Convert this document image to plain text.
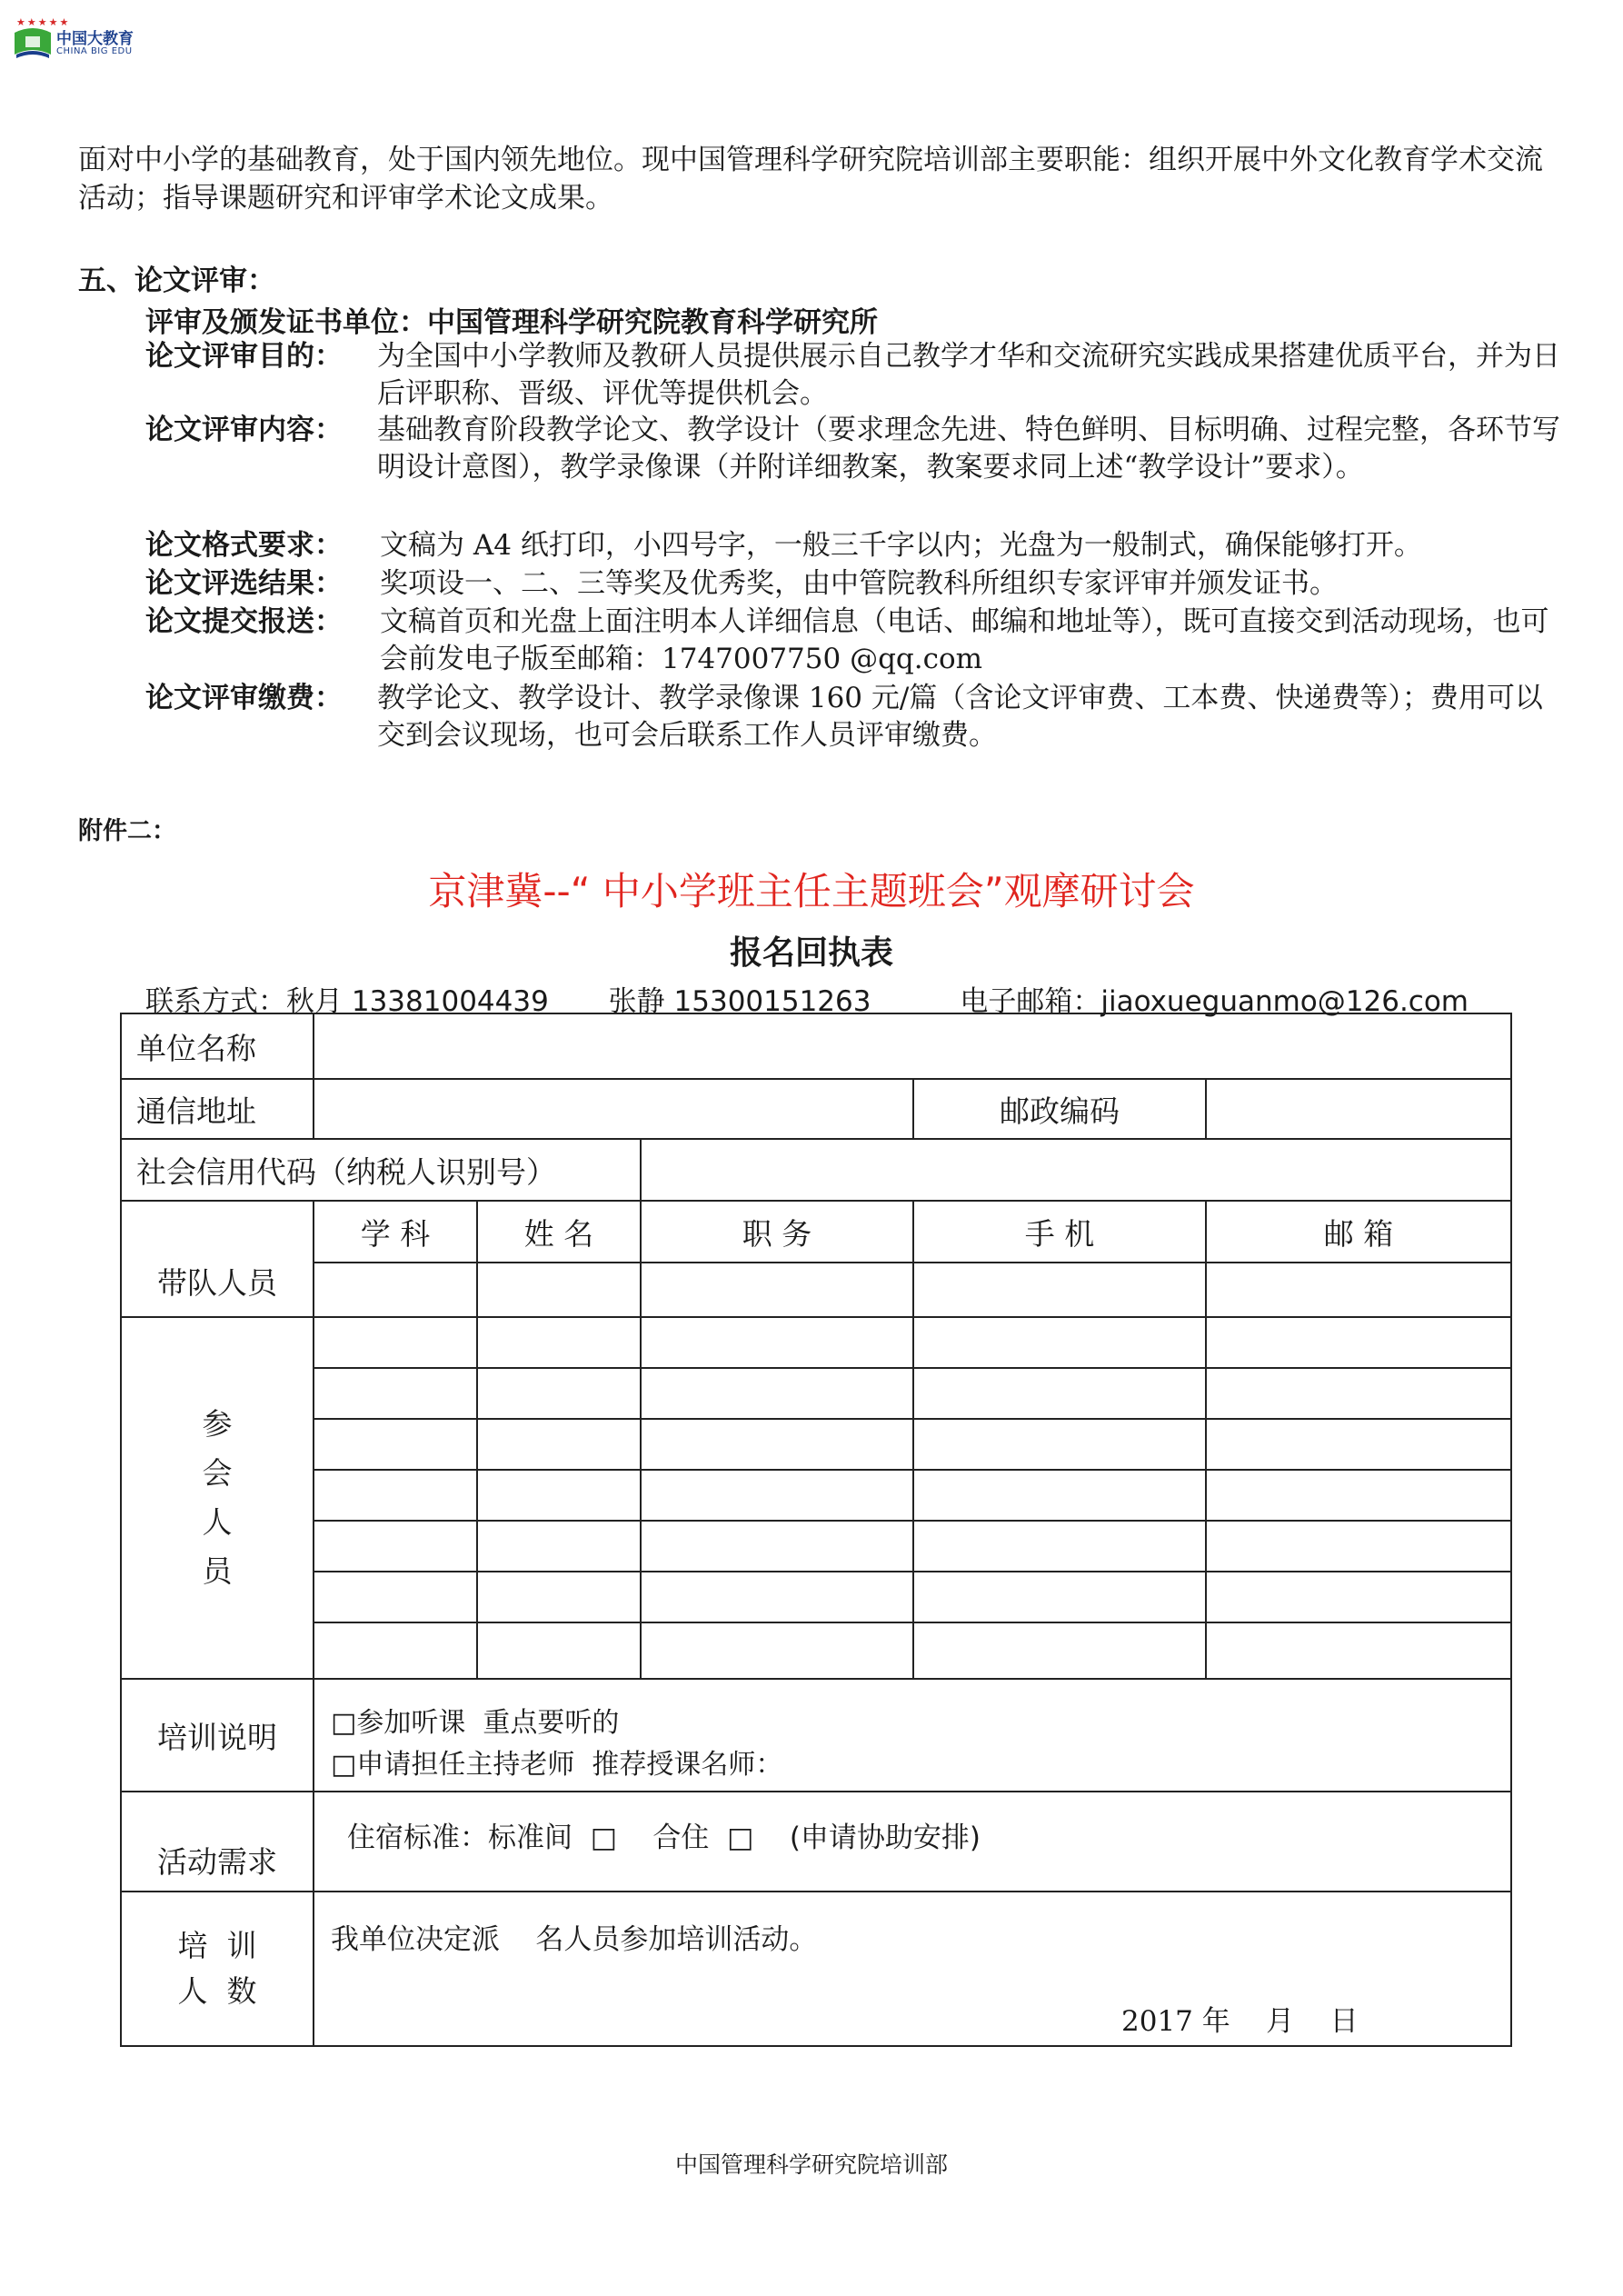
★★★★★
中国大教育
CHINA BIG EDU
面对中小学的基础教育，处于国内领先地位。现中国管理科学研究院培训部主要职能：组织开展中外文化教育学术交流活动；指导课题研究和评审学术论文成果。
五、论文评审：
评审及颁发证书单位：中国管理科学研究院教育科学研究所
论文评审目的： 为全国中小学教师及教研人员提供展示自己教学才华和交流研究实践成果搭建优质平台，并为日后评职称、晋级、评优等提供机会。
论文评审内容： 基础教育阶段教学论文、教学设计（要求理念先进、特色鲜明、目标明确、过程完整，各环节写明设计意图），教学录像课（并附详细教案，教案要求同上述“教学设计”要求）。
论文格式要求： 文稿为 A4 纸打印，小四号字，一般三千字以内；光盘为一般制式，确保能够打开。
论文评选结果： 奖项设一、二、三等奖及优秀奖，由中管院教科所组织专家评审并颁发证书。
论文提交报送： 文稿首页和光盘上面注明本人详细信息（电话、邮编和地址等），既可直接交到活动现场，也可会前发电子版至邮箱：1747007750 @qq.com
论文评审缴费： 教学论文、教学设计、教学录像课 160 元/篇（含论文评审费、工本费、快递费等）；费用可以交到会议现场，也可会后联系工作人员评审缴费。
附件二：
京津冀--“ 中小学班主任主题班会”观摩研讨会
报名回执表
联系方式：秋月 13381004439 张静 15300151263	电子邮箱：jiaoxueguanmo@126.com
单位名称
通信地址	邮政编码
社会信用代码（纳税人识别号）
带队人员
学 科	姓 名	职 务	手 机	邮 箱
参
会
人
员
培训说明	□参加听课  重点要听的
□申请担任主持老师  推荐授课名师：
活动需求
住宿标准：标准间  □    合住  □    (申请协助安排)
培  训
人  数
我单位决定派    名人员参加培训活动。
2017 年    月    日
中国管理科学研究院培训部
